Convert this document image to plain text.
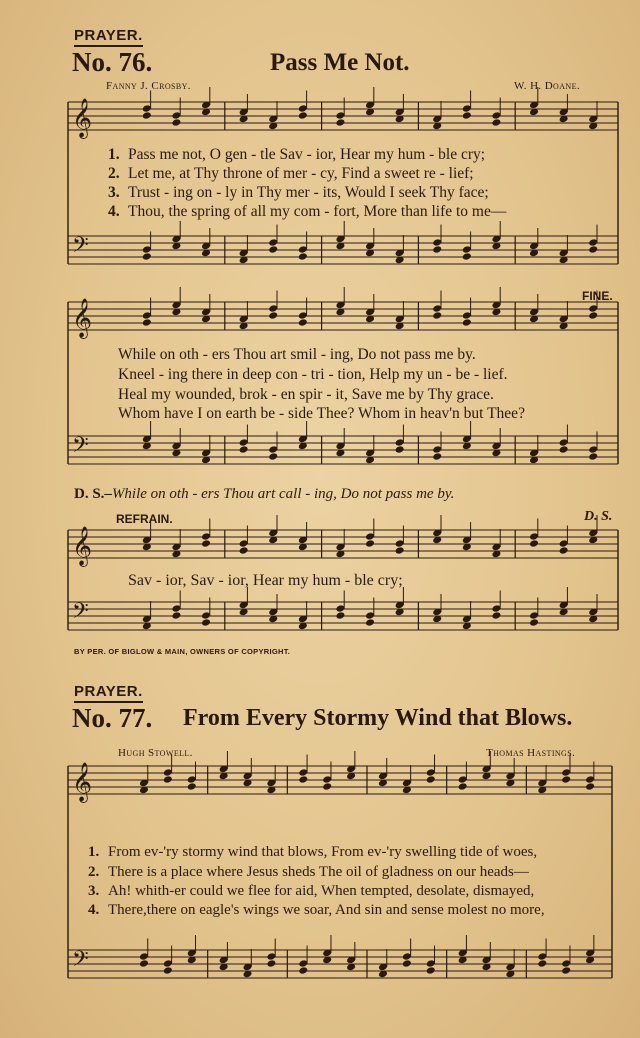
𝄞
𝄢
𝄞
𝄢
𝄞
𝄢
𝄞
𝄢
PRAYER.
No. 76.	Pass Me Not.
Fanny J. Crosby.	W. H. Doane.
1. Pass me not, O gen - tle Sav - ior, Hear my hum - ble cry;
2. Let me, at Thy throne of mer - cy, Find a sweet re - lief;
3. Trust - ing on - ly in Thy mer - its, Would I seek Thy face;
4. Thou, the spring of all my com - fort, More than life to me—
FINE.
While on oth - ers Thou art smil - ing, Do not pass me by.
Kneel - ing there in deep con - tri - tion, Help my un - be - lief.
Heal my wounded, brok - en spir - it, Save me by Thy grace.
Whom have I on earth be - side Thee? Whom in heav'n but Thee?
D. S.–While on oth - ers Thou art call - ing, Do not pass me by.
REFRAIN.	D. S.
Sav - ior, Sav - ior, Hear my hum - ble cry;
BY PER. OF BIGLOW & MAIN, OWNERS OF COPYRIGHT.
PRAYER.
No. 77. From Every Stormy Wind that Blows.
Hugh Stowell.	Thomas Hastings.
1. From ev-'ry stormy wind that blows, From ev-'ry swelling tide of woes,
2. There is a place where Jesus sheds The oil of gladness on our heads—
3. Ah! whith-er could we flee for aid, When tempted, desolate, dismayed,
4. There,there on eagle's wings we soar, And sin and sense molest no more,
